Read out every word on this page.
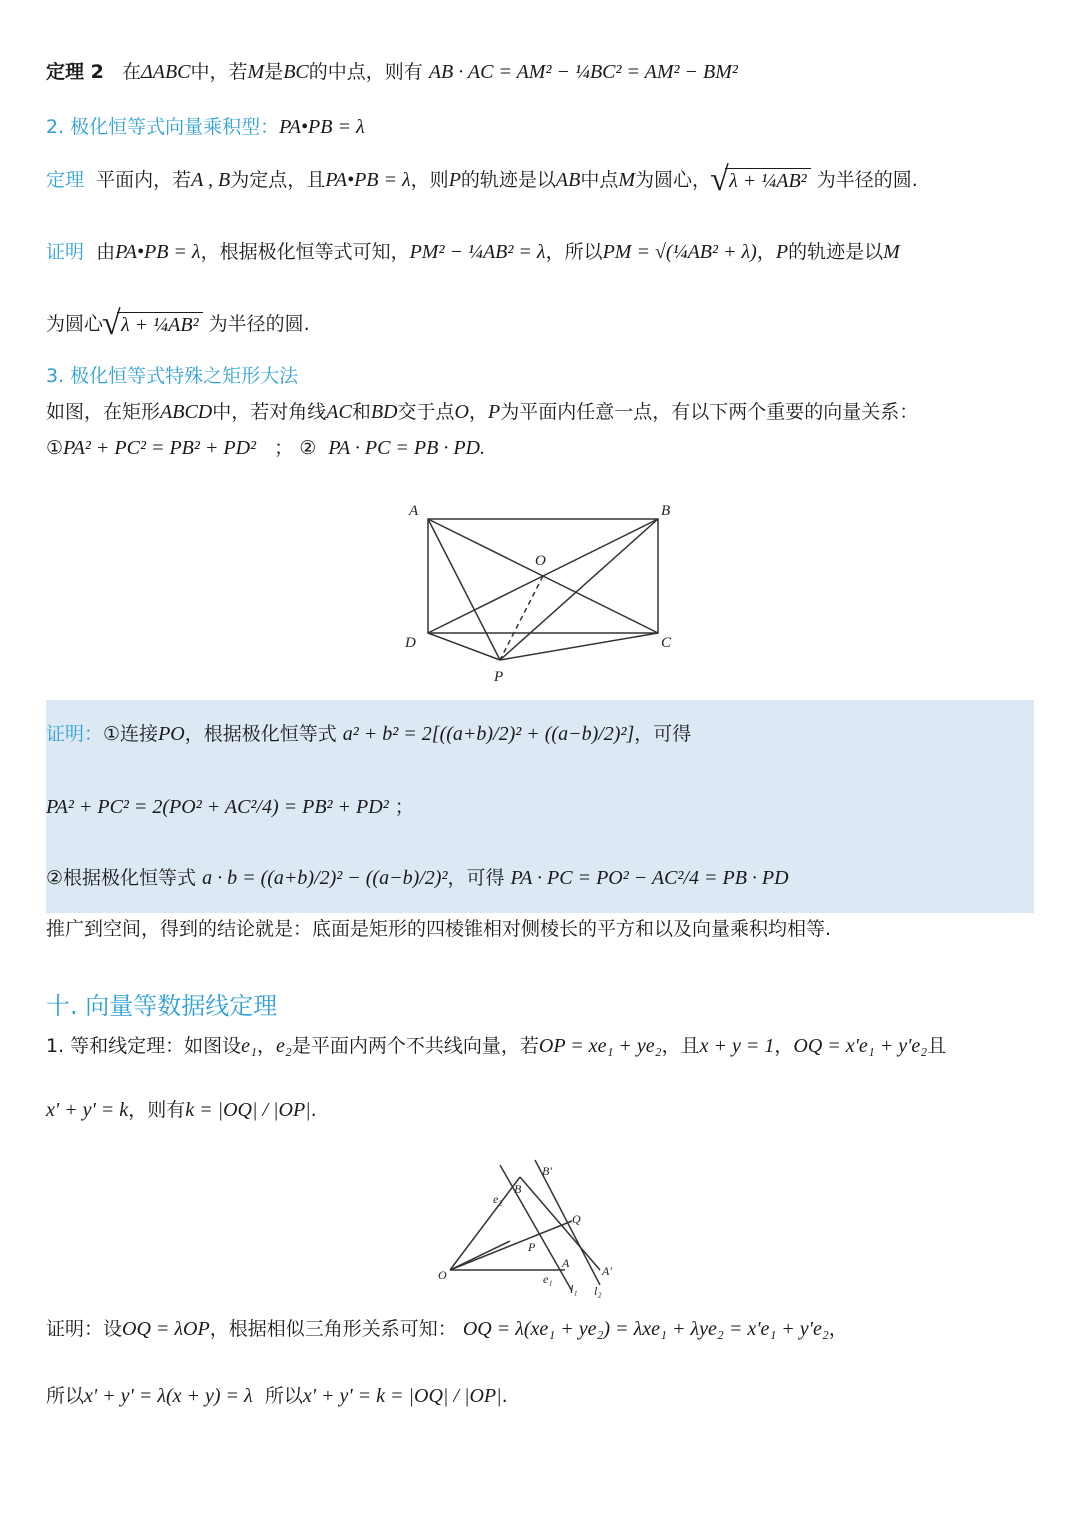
定理 2 在ΔABC中，若M是BC的中点，则有 AB · AC = AM² − ¼BC² = AM² − BM²
2. 极化恒等式向量乘积型：PA•PB = λ
定理 平面内，若A , B为定点，且PA•PB = λ，则P的轨迹是以AB中点M为圆心， √ λ + ¼AB² 为半径的圆.
证明 由PA•PB = λ，根据极化恒等式可知，PM² − ¼AB² = λ，所以PM = √(¼AB² + λ)，P的轨迹是以M
为圆心 √ λ + ¼AB² 为半径的圆.
3. 极化恒等式特殊之矩形大法
如图，在矩形ABCD中，若对角线AC和BD交于点O，P为平面内任意一点，有以下两个重要的向量关系：
①PA² + PC² = PB² + PD² ； ② PA · PC = PB · PD.
A	B
C
D
O
P
证明：①连接PO，根据极化恒等式 a² + b² = 2[((a+b)/2)² + ((a−b)/2)²]，可得
PA² + PC² = 2(PO² + AC²/4) = PB² + PD² ；
②根据极化恒等式 a · b = ((a+b)/2)² − ((a−b)/2)²，可得 PA · PC = PO² − AC²/4 = PB · PD
推广到空间，得到的结论就是：底面是矩形的四棱锥相对侧棱长的平方和以及向量乘积均相等.
十. 向量等数据线定理
1. 等和线定理：如图设e₁，e₂是平面内两个不共线向量，若OP = xe₁ + ye₂，且x + y = 1，OQ = x'e₁ + y'e₂且
x' + y' = k，则有k = |OQ| / |OP|.
O
A
B
A'
B'
P
Q
e₁
e₂
l₁ l₂
证明：设OQ = λOP，根据相似三角形关系可知： OQ = λ(xe₁ + ye₂) = λxe₁ + λye₂ = x'e₁ + y'e₂，
所以x' + y' = λ(x + y) = λ 所以x' + y' = k = |OQ| / |OP|.
